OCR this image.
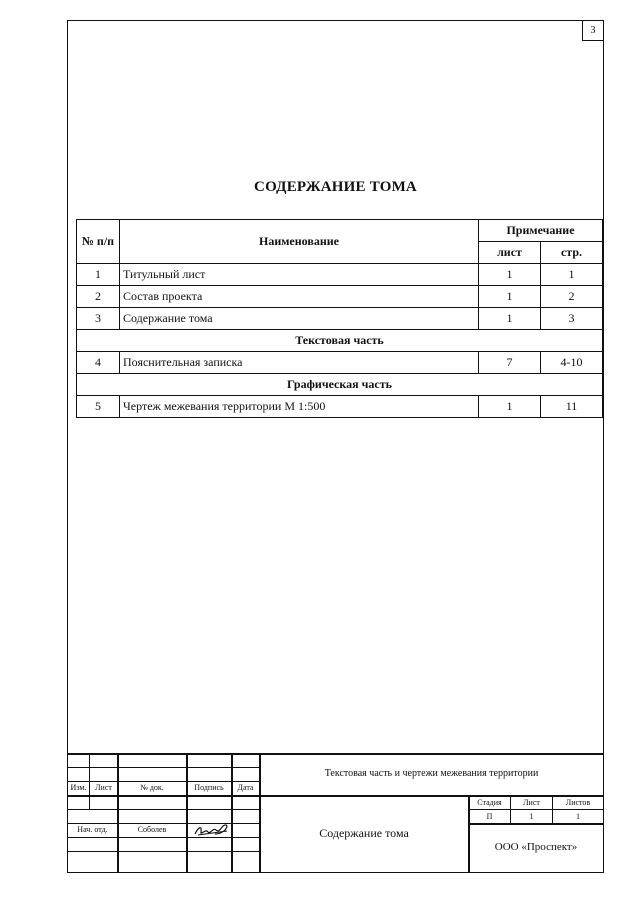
3
СОДЕРЖАНИЕ ТОМА
№ п/п	Наименование	Примечание	
		лист	стр.
1	Титульный лист	1	1
2	Состав проекта	1	2
3	Содержание тома	1	3
Текстовая часть			
4	Пояснительная записка	7	4-10
Графическая часть			
5	Чертеж межевания территории М 1:500	1	11
Изм.	Лист	№ док.	Подпись	Дата
Нач. отд.	Соболев
Текстовая часть и чертежи межевания территории
Содержание тома
Стадия	Лист	Листов
П	1	1
ООО «Проспект»
